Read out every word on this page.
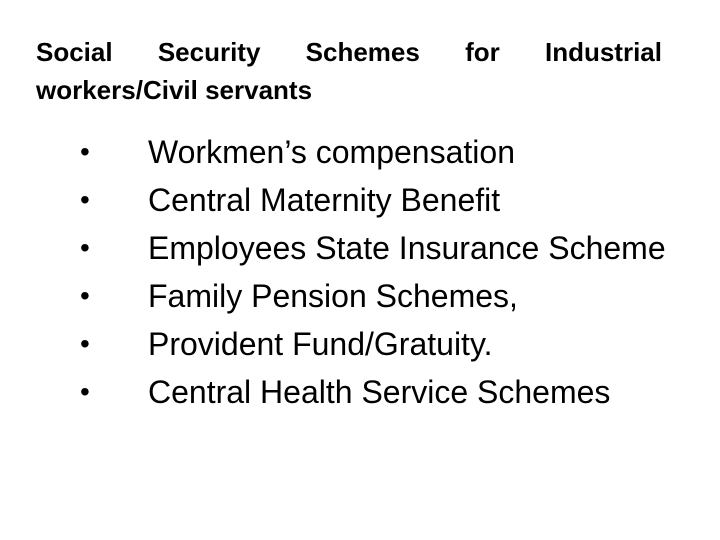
Social Security Schemes for Industrial workers/Civil servants
•	Workmen’s compensation
•	Central Maternity Benefit
•	Employees State Insurance Scheme
•	Family Pension Schemes,
•	Provident Fund/Gratuity.
•	Central Health Service Schemes
